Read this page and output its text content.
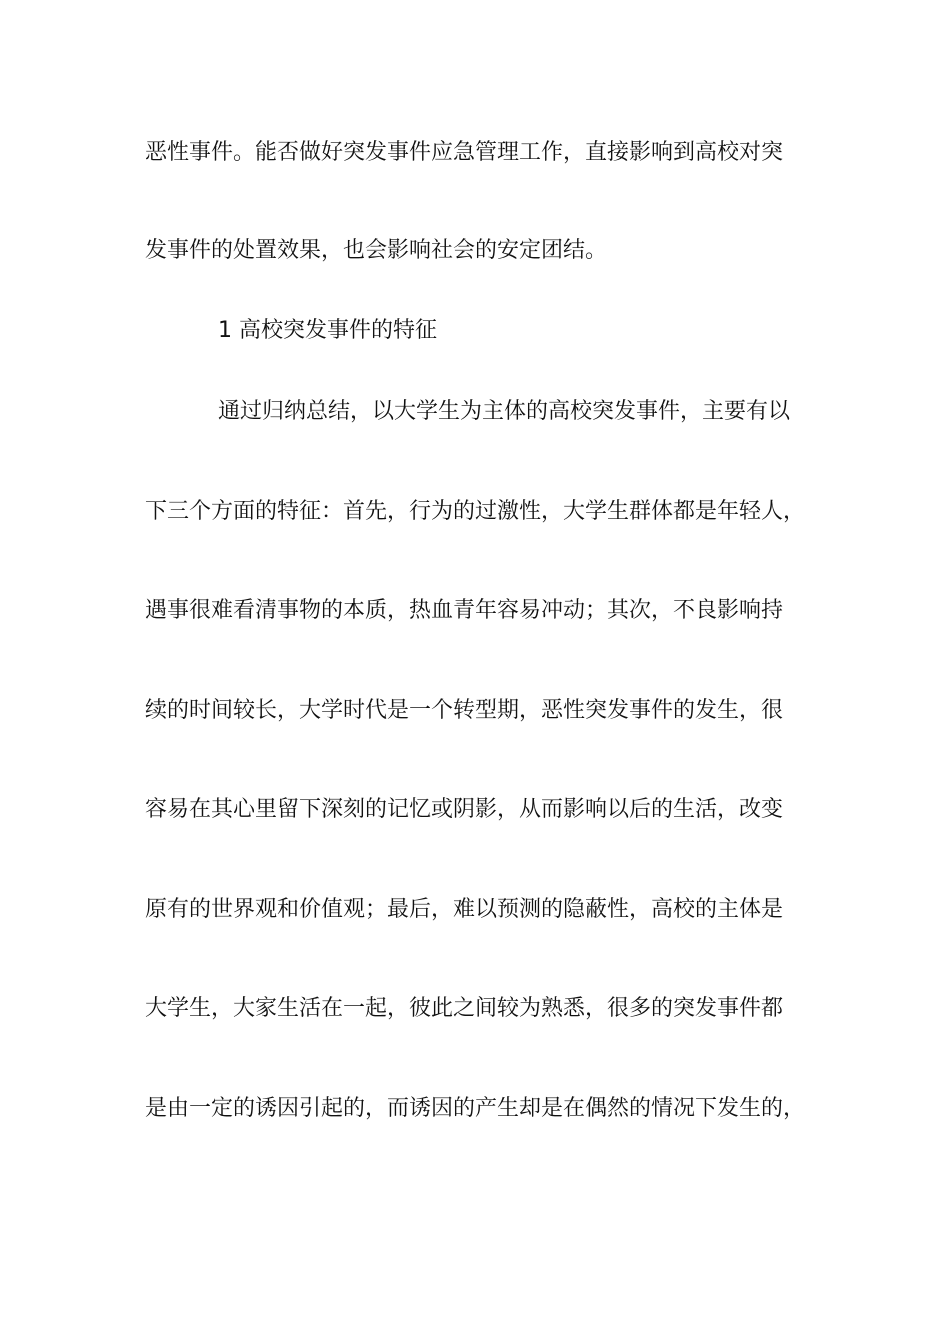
恶性事件。能否做好突发事件应急管理工作，直接影响到高校对突
发事件的处置效果，也会影响社会的安定团结。
1 高校突发事件的特征
通过归纳总结，以大学生为主体的高校突发事件，主要有以
下三个方面的特征：首先，行为的过激性，大学生群体都是年轻人，
遇事很难看清事物的本质，热血青年容易冲动；其次，不良影响持
续的时间较长，大学时代是一个转型期，恶性突发事件的发生，很
容易在其心里留下深刻的记忆或阴影，从而影响以后的生活，改变
原有的世界观和价值观；最后，难以预测的隐蔽性，高校的主体是
大学生，大家生活在一起，彼此之间较为熟悉，很多的突发事件都
是由一定的诱因引起的，而诱因的产生却是在偶然的情况下发生的，
